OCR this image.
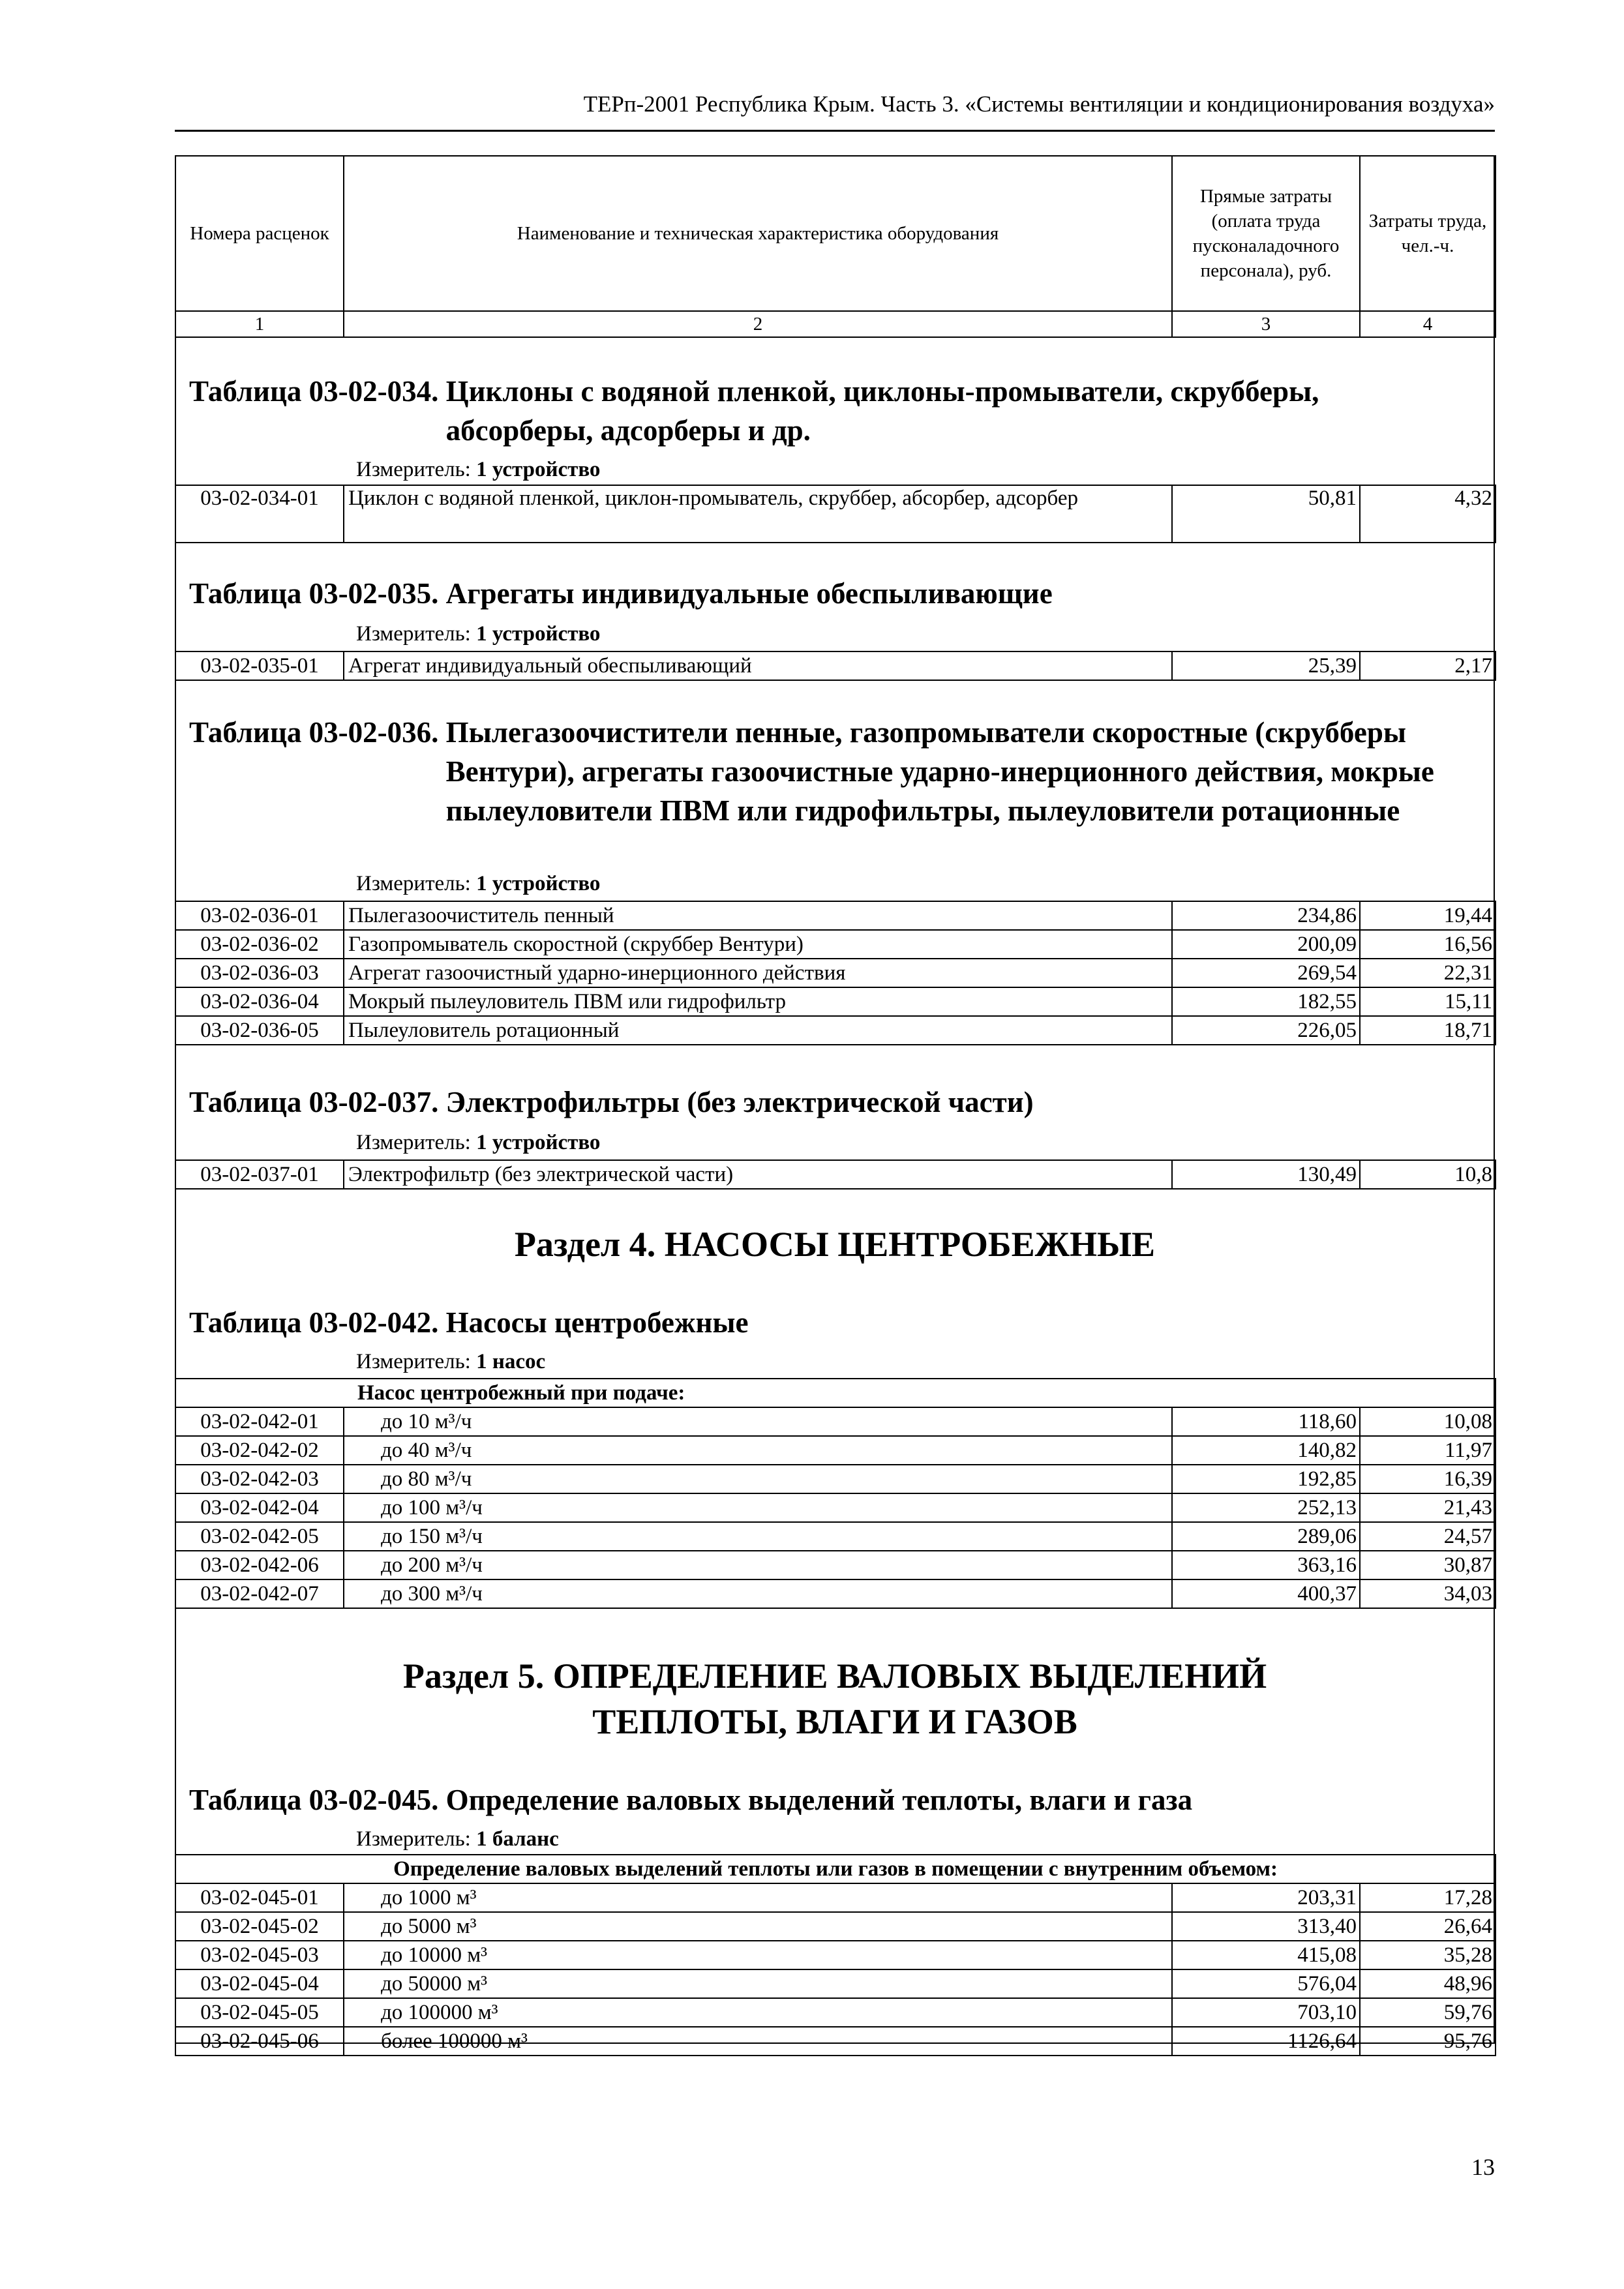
ТЕРп-2001 Республика Крым. Часть 3. «Системы вентиляции и кондиционирования воздуха»
Номера расценок	Наименование и техническая характеристика оборудования	Прямые затраты (оплата труда пусконаладочного персонала), руб.	Затраты труда, чел.-ч.
1	2	3	4
Таблица 03-02-034. Циклоны с водяной пленкой, циклоны-промыватели, скрубберы, абсорберы, адсорберы и др.
Измеритель: 1 устройство
03-02-034-01	Циклон с водяной пленкой, циклон-промыватель, скруббер, абсорбер, адсорбер	50,81	4,32
Таблица 03-02-035. Агрегаты индивидуальные обеспыливающие
Измеритель: 1 устройство
03-02-035-01	Агрегат индивидуальный обеспыливающий	25,39	2,17
Таблица 03-02-036. Пылегазоочистители пенные, газопромыватели скоростные (скрубберы Вентури), агрегаты газоочистные ударно-инерционного действия, мокрые пылеуловители ПВМ или гидрофильтры, пылеуловители ротационные
Измеритель: 1 устройство
03-02-036-01	Пылегазоочиститель пенный	234,86	19,44
03-02-036-02	Газопромыватель скоростной (скруббер Вентури)	200,09	16,56
03-02-036-03	Агрегат газоочистный ударно-инерционного действия	269,54	22,31
03-02-036-04	Мокрый пылеуловитель ПВМ или гидрофильтр	182,55	15,11
03-02-036-05	Пылеуловитель ротационный	226,05	18,71
Таблица 03-02-037. Электрофильтры (без электрической части)
Измеритель: 1 устройство
03-02-037-01	Электрофильтр (без электрической части)	130,49	10,8
Раздел 4. НАСОСЫ ЦЕНТРОБЕЖНЫЕ
Таблица 03-02-042. Насосы центробежные
Измеритель: 1 насос
Насос центробежный при подаче:			
03-02-042-01	до 10 м³/ч	118,60	10,08
03-02-042-02	до 40 м³/ч	140,82	11,97
03-02-042-03	до 80 м³/ч	192,85	16,39
03-02-042-04	до 100 м³/ч	252,13	21,43
03-02-042-05	до 150 м³/ч	289,06	24,57
03-02-042-06	до 200 м³/ч	363,16	30,87
03-02-042-07	до 300 м³/ч	400,37	34,03
Раздел 5. ОПРЕДЕЛЕНИЕ ВАЛОВЫХ ВЫДЕЛЕНИЙ ТЕПЛОТЫ, ВЛАГИ И ГАЗОВ
Таблица 03-02-045. Определение валовых выделений теплоты, влаги и газа
Измеритель: 1 баланс
Определение валовых выделений теплоты или газов в помещении с внутренним объемом:			
03-02-045-01	до 1000 м³	203,31	17,28
03-02-045-02	до 5000 м³	313,40	26,64
03-02-045-03	до 10000 м³	415,08	35,28
03-02-045-04	до 50000 м³	576,04	48,96
03-02-045-05	до 100000 м³	703,10	59,76
03-02-045-06	более 100000 м³	1126,64	95,76
13
